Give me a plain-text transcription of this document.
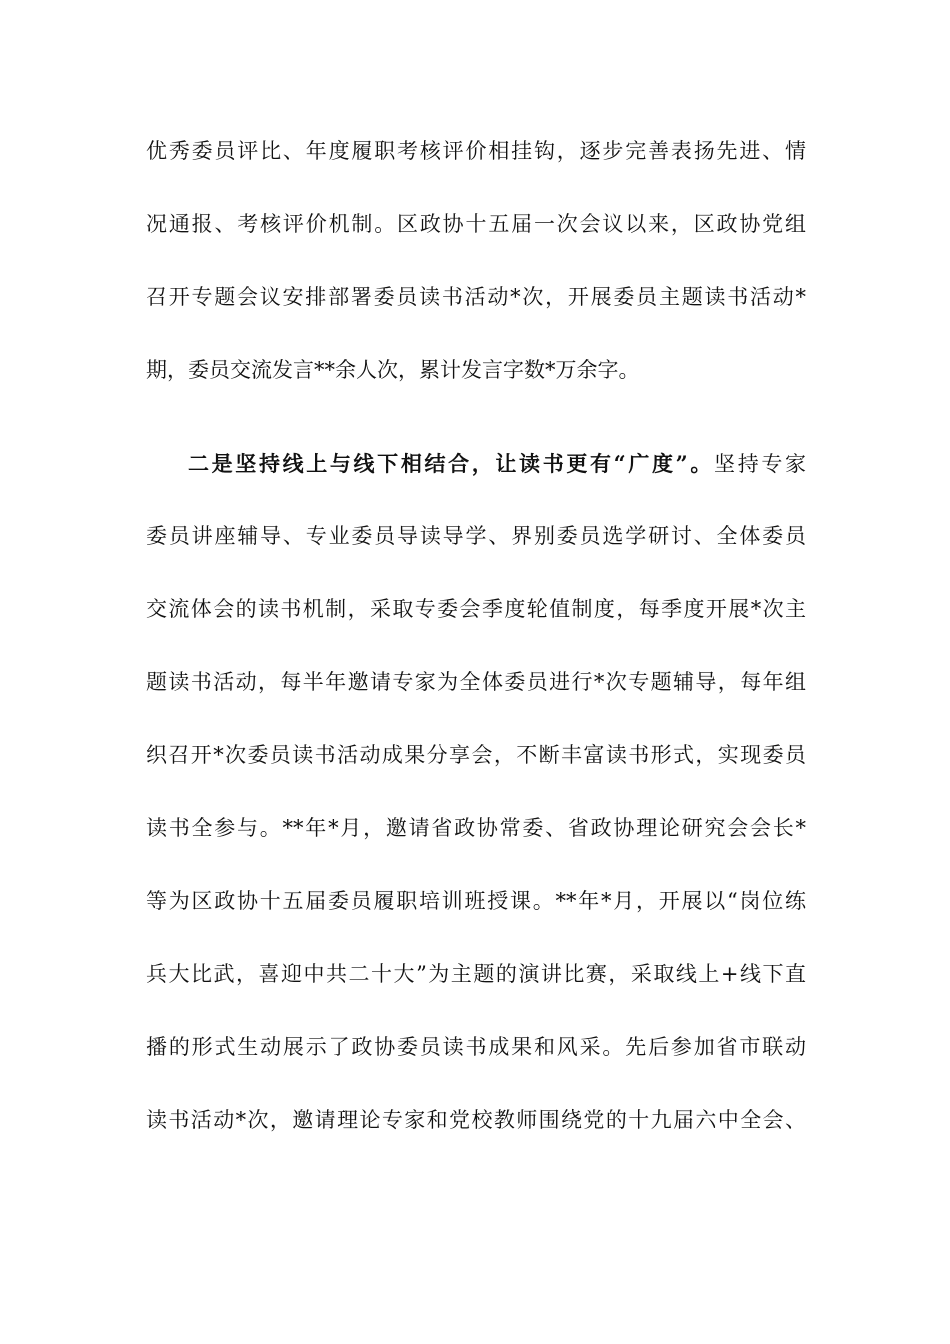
优秀委员评比、年度履职考核评价相挂钩，逐步完善表扬先进、情
况通报、考核评价机制。区政协十五届一次会议以来，区政协党组
召开专题会议安排部署委员读书活动*次，开展委员主题读书活动*
期，委员交流发言**余人次，累计发言字数*万余字。
二是坚持线上与线下相结合，让读书更有“广度”。坚持专家
委员讲座辅导、专业委员导读导学、界别委员选学研讨、全体委员
交流体会的读书机制，采取专委会季度轮值制度，每季度开展*次主
题读书活动，每半年邀请专家为全体委员进行*次专题辅导，每年组
织召开*次委员读书活动成果分享会，不断丰富读书形式，实现委员
读书全参与。**年*月，邀请省政协常委、省政协理论研究会会长*
等为区政协十五届委员履职培训班授课。**年*月，开展以“岗位练
兵大比武，喜迎中共二十大”为主题的演讲比赛，采取线上+线下直
播的形式生动展示了政协委员读书成果和风采。先后参加省市联动
读书活动*次，邀请理论专家和党校教师围绕党的十九届六中全会、
